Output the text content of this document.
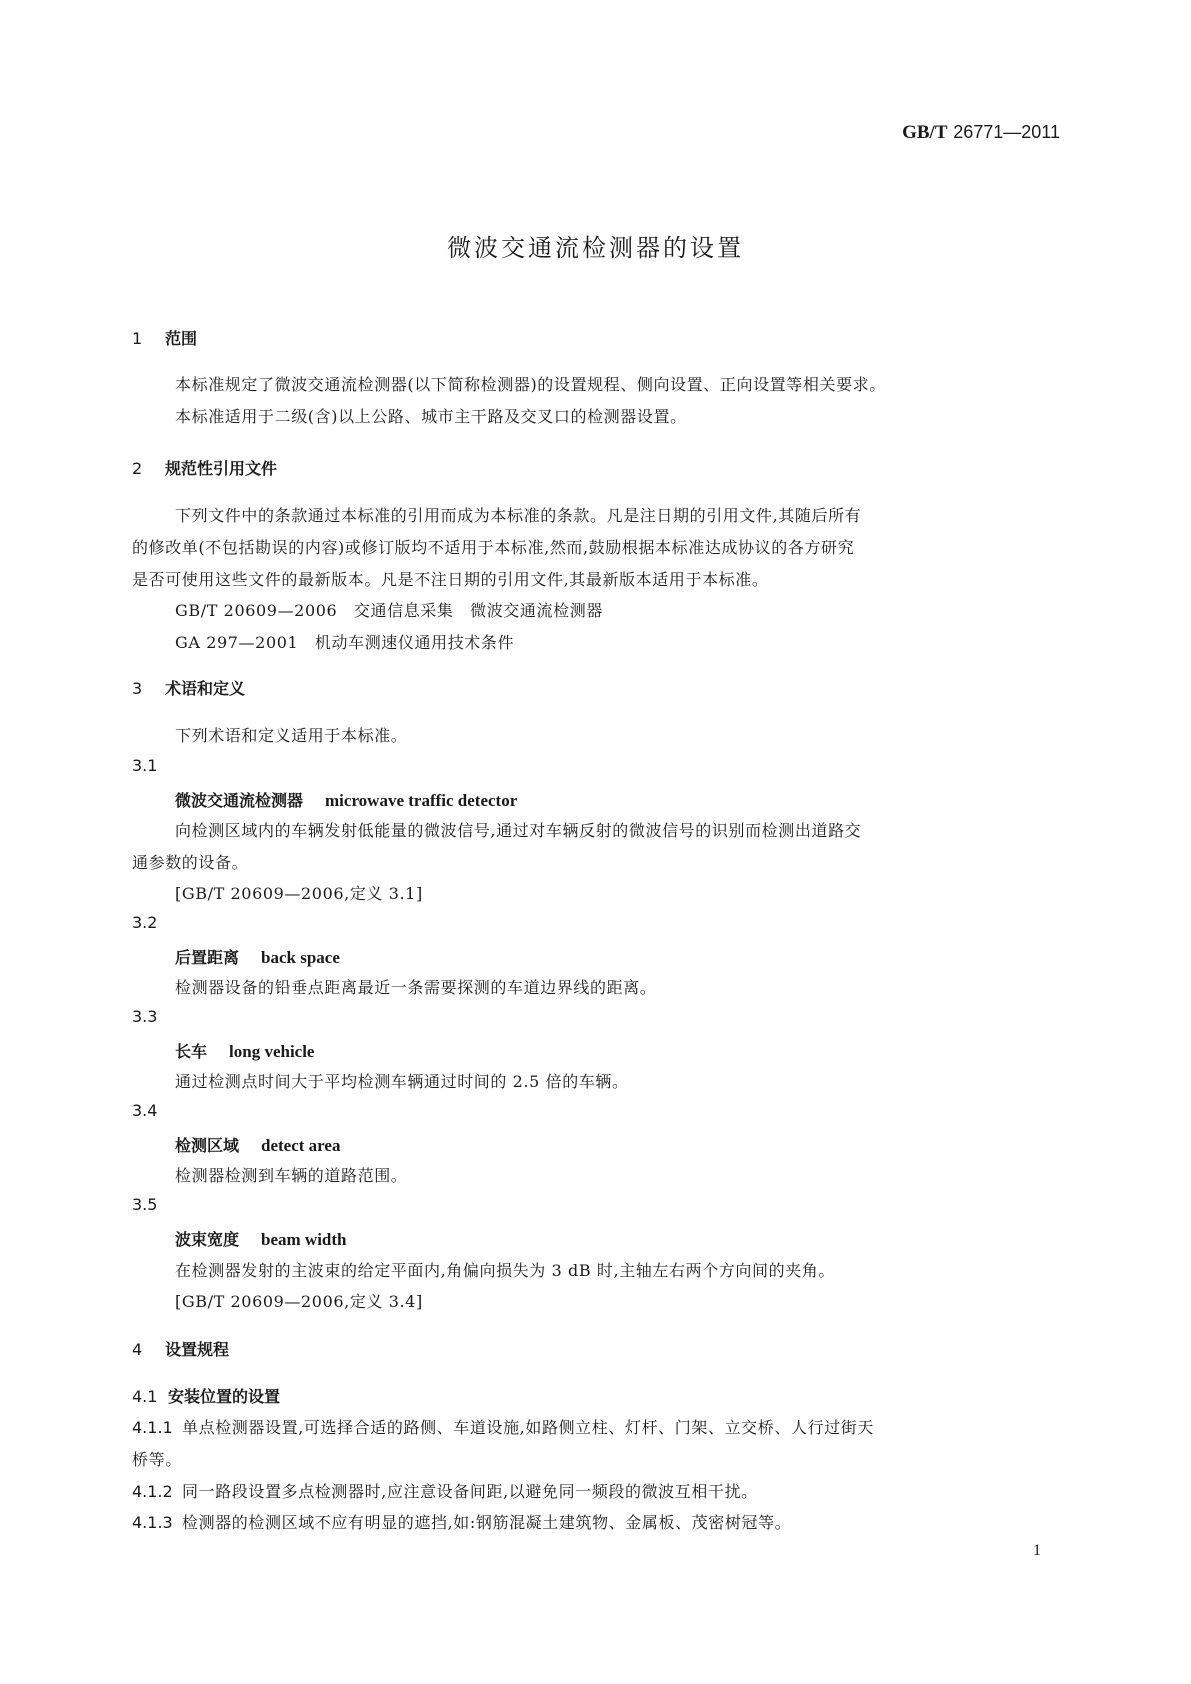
GB/T 26771—2011
微波交通流检测器的设置
1 范围
本标准规定了微波交通流检测器(以下简称检测器)的设置规程、侧向设置、正向设置等相关要求。
本标准适用于二级(含)以上公路、城市主干路及交叉口的检测器设置。
2 规范性引用文件
下列文件中的条款通过本标准的引用而成为本标准的条款。凡是注日期的引用文件,其随后所有
的修改单(不包括勘误的内容)或修订版均不适用于本标准,然而,鼓励根据本标准达成协议的各方研究
是否可使用这些文件的最新版本。凡是不注日期的引用文件,其最新版本适用于本标准。
GB/T 20609—2006　 交通信息采集　微波交通流检测器
GA 297—2001　 机动车测速仪通用技术条件
3 术语和定义
下列术语和定义适用于本标准。
3.1
微波交通流检测器 microwave traffic detector
向检测区域内的车辆发射低能量的微波信号,通过对车辆反射的微波信号的识别而检测出道路交
通参数的设备。
[GB/T 20609—2006,定义 3.1]
3.2
后置距离 back space
检测器设备的铅垂点距离最近一条需要探测的车道边界线的距离。
3.3
长车 long vehicle
通过检测点时间大于平均检测车辆通过时间的 2.5 倍的车辆。
3.4
检测区域 detect area
检测器检测到车辆的道路范围。
3.5
波束宽度 beam width
在检测器发射的主波束的给定平面内,角偏向损失为 3 dB 时,主轴左右两个方向间的夹角。
[GB/T 20609—2006,定义 3.4]
4 设置规程
4.1 安装位置的设置
4.1.1 单点检测器设置,可选择合适的路侧、车道设施,如路侧立柱、灯杆、门架、立交桥、人行过街天
桥等。
4.1.2 同一路段设置多点检测器时,应注意设备间距,以避免同一频段的微波互相干扰。
4.1.3 检测器的检测区域不应有明显的遮挡,如:钢筋混凝土建筑物、金属板、茂密树冠等。
1
